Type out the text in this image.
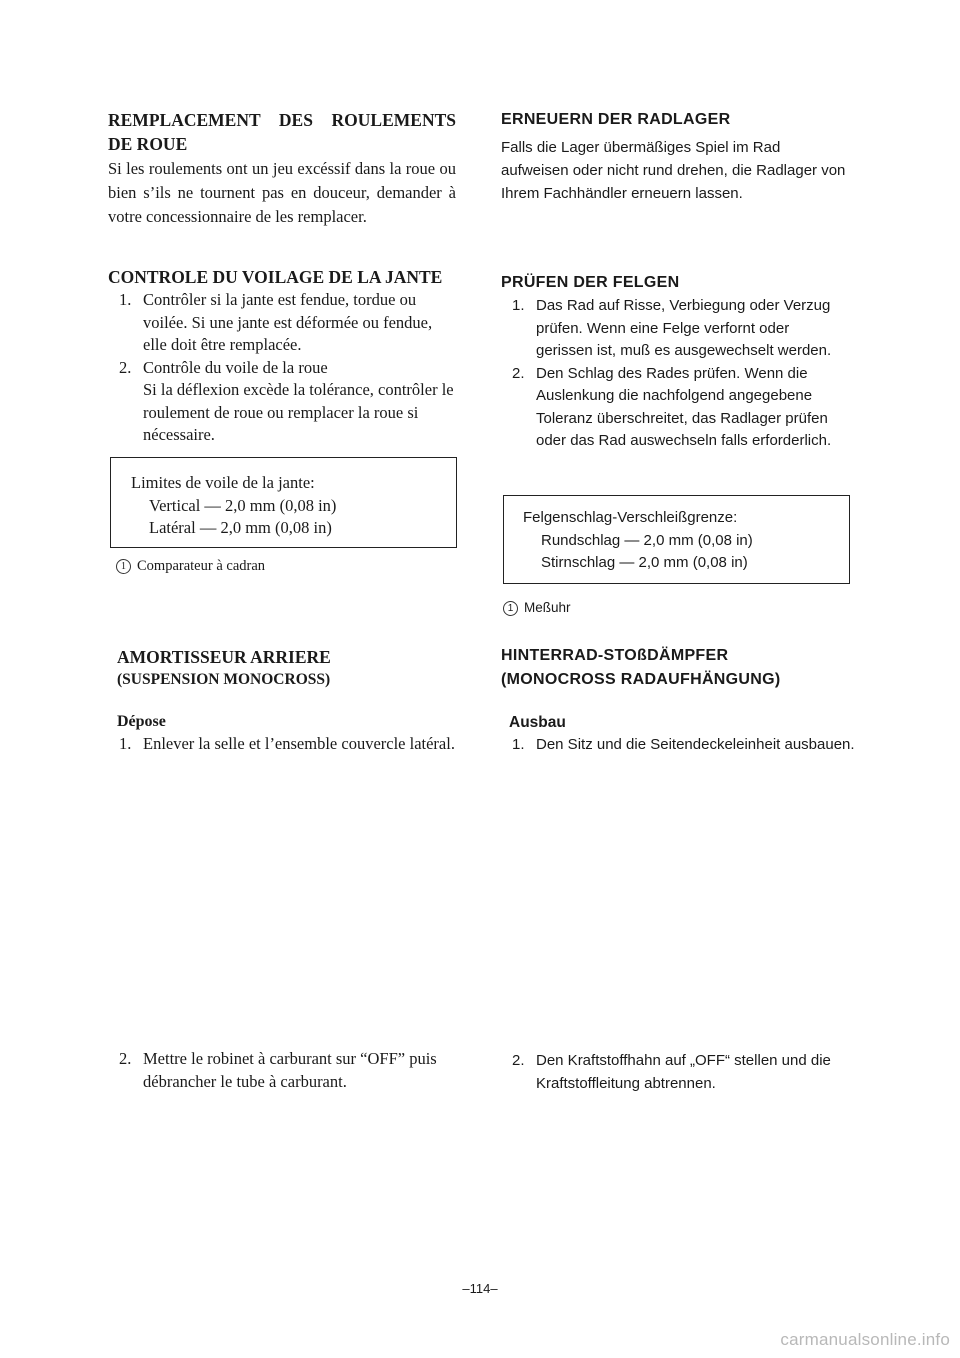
REMPLACEMENT DES ROULEMENTS
DE ROUE

Si les roulements ont un jeu excéssif dans la roue ou bien s’ils ne tournent pas en douceur, demander à votre concessionnaire de les remplacer.

CONTROLE DU VOILAGE DE LA JANTE
1. Contrôler si la jante est fendue, tordue ou voilée. Si une jante est déformée ou fendue, elle doit être remplacée.
2. Contrôle du voile de la roue
Si la déflexion excède la tolérance, contrôler le roulement de roue ou remplacer la roue si nécessaire.
Limites de voile de la jante:
Vertical — 2,0 mm (0,08 in)
Latéral — 2,0 mm (0,08 in)
1 Comparateur à cadran
AMORTISSEUR ARRIERE
(SUSPENSION MONOCROSS)
Dépose
1. Enlever la selle et l’ensemble couvercle latéral.
2. Mettre le robinet à carburant sur “OFF” puis débrancher le tube à carburant.
ERNEUERN DER RADLAGER

Falls die Lager übermäßiges Spiel im Rad aufweisen oder nicht rund drehen, die Radlager von Ihrem Fachhändler erneuern lassen.

PRÜFEN DER FELGEN
1. Das Rad auf Risse, Verbiegung oder Verzug prüfen. Wenn eine Felge verfornt oder gerissen ist, muß es ausgewechselt werden.
2. Den Schlag des Rades prüfen. Wenn die Auslenkung die nachfolgend angegebene Toleranz überschreitet, das Radlager prüfen oder das Rad auswechseln falls erforderlich.
Felgenschlag-Verschleißgrenze:
Rundschlag — 2,0 mm (0,08 in)
Stirnschlag — 2,0 mm (0,08 in)
1 Meßuhr
HINTERRAD-STOßDÄMPFER
(MONOCROSS RADAUFHÄNGUNG)
Ausbau
1. Den Sitz und die Seitendeckeleinheit ausbauen.
2. Den Kraftstoffhahn auf „OFF“ stellen und die Kraftstoffleitung abtrennen.
–114–
carmanualsonline.info
